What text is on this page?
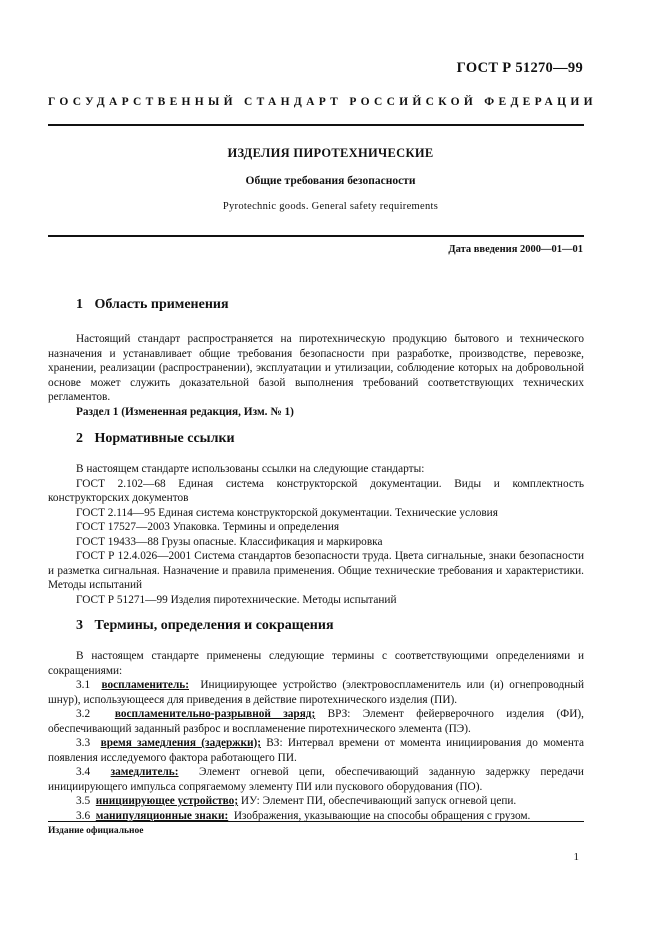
ГОСТ Р 51270—99
ГОСУДАРСТВЕННЫЙ СТАНДАРТ РОССИЙСКОЙ ФЕДЕРАЦИИ
ИЗДЕЛИЯ ПИРОТЕХНИЧЕСКИЕ
Общие требования безопасности
Pyrotechnic goods. General safety requirements
Дата введения 2000—01—01
1 Область применения

Настоящий стандарт распространяется на пиротехническую продукцию бытового и технического назначения и устанавливает общие требования безопасности при разработке, производстве, перевозке, хранении, реализации (распространении), эксплуатации и утилизации, соблюдение которых на добровольной основе может служить доказательной базой выполнения требований соответствующих технических регламентов.

Раздел 1 (Измененная редакция, Изм. № 1)

2 Нормативные ссылки

В настоящем стандарте использованы ссылки на следующие стандарты:

ГОСТ 2.102—68 Единая система конструкторской документации. Виды и комплектность конструкторских документов

ГОСТ 2.114—95 Единая система конструкторской документации. Технические условия

ГОСТ 17527—2003 Упаковка. Термины и определения

ГОСТ 19433—88 Грузы опасные. Классификация и маркировка

ГОСТ Р 12.4.026—2001 Система стандартов безопасности труда. Цвета сигнальные, знаки безопасности и разметка сигнальная. Назначение и правила применения. Общие технические требования и характеристики. Методы испытаний

ГОСТ Р 51271—99 Изделия пиротехнические. Методы испытаний

3 Термины, определения и сокращения

В настоящем стандарте применены следующие термины с соответствующими определениями и сокращениями:

3.1 воспламенитель: Инициирующее устройство (электровоспламенитель или (и) огнепроводный шнур), использующееся для приведения в действие пиротехнического изделия (ПИ).

3.2 воспламенительно-разрывной заряд; ВРЗ: Элемент фейерверочного изделия (ФИ), обеспечивающий заданный разброс и воспламенение пиротехнического элемента (ПЭ).

3.3 время замедления (задержки); ВЗ: Интервал времени от момента инициирования до момента появления исследуемого фактора работающего ПИ.

3.4 замедлитель: Элемент огневой цепи, обеспечивающий заданную задержку передачи инициирующего импульса сопрягаемому элементу ПИ или пускового оборудования (ПО).

3.5 инициирующее устройство; ИУ: Элемент ПИ, обеспечивающий запуск огневой цепи.

3.6 манипуляционные знаки: Изображения, указывающие на способы обращения с грузом.

Издание официальное
1
